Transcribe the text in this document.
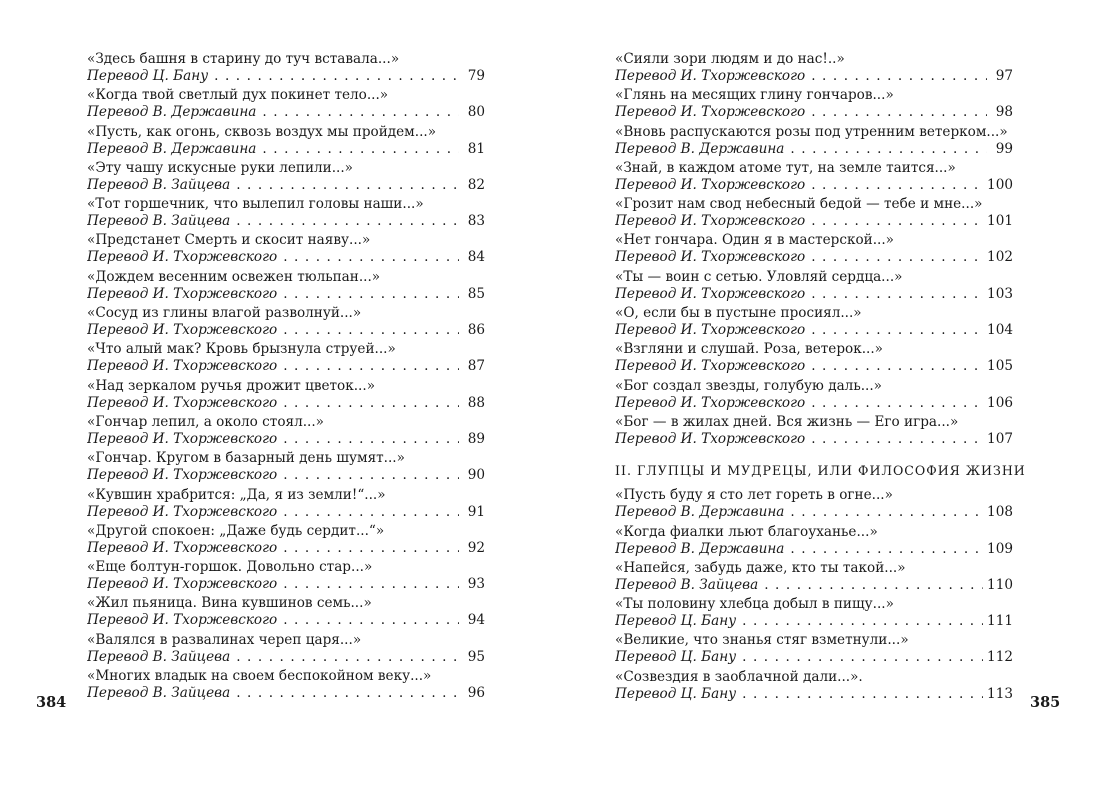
«Здесь башня в старину до туч вставала...»
Перевод Ц. Бану . . .	79
«Когда твой светлый дух покинет тело...»
Перевод В. Державина . . .	80
«Пусть, как огонь, сквозь воздух мы пройдем...»
Перевод В. Державина . . .	81
«Эту чашу искусные руки лепили...»
Перевод В. Зайцева . . .	82
«Тот горшечник, что вылепил головы наши...»
Перевод В. Зайцева . . .	83
«Предстанет Смерть и скосит наяву...»
Перевод И. Тхоржевского . . .	84
«Дождем весенним освежен тюльпан...»
Перевод И. Тхоржевского . . .	85
«Сосуд из глины влагой разволнуй...»
Перевод И. Тхоржевского . . .	86
«Что алый мак? Кровь брызнула струей...»
Перевод И. Тхоржевского . . .	87
«Над зеркалом ручья дрожит цветок...»
Перевод И. Тхоржевского . . .	88
«Гончар лепил, а около стоял...»
Перевод И. Тхоржевского . . .	89
«Гончар. Кругом в базарный день шумят...»
Перевод И. Тхоржевского . . .	90
«Кувшин храбрится: „Да, я из земли!“...»
Перевод И. Тхоржевского . . .	91
«Другой спокоен: „Даже будь сердит...“»
Перевод И. Тхоржевского . . .	92
«Еще болтун-горшок. Довольно стар...»
Перевод И. Тхоржевского . . .	93
«Жил пьяница. Вина кувшинов семь...»
Перевод И. Тхоржевского . . .	94
«Валялся в развалинах череп царя...»
Перевод В. Зайцева . . .	95
«Многих владык на своем беспокойном веку...»
Перевод В. Зайцева . . .	96
384
«Сияли зори людям и до нас!..»
Перевод И. Тхоржевского . . .	97
«Глянь на месящих глину гончаров...»
Перевод И. Тхоржевского . . .	98
«Вновь распускаются розы под утренним ветерком...»
Перевод В. Державина . . .	99
«Знай, в каждом атоме тут, на земле таится...»
Перевод И. Тхоржевского . . .	100
«Грозит нам свод небесный бедой — тебе и мне...»
Перевод И. Тхоржевского . . .	101
«Нет гончара. Один я в мастерской...»
Перевод И. Тхоржевского . . .	102
«Ты — воин с сетью. Уловляй сердца...»
Перевод И. Тхоржевского . . .	103
«О, если бы в пустыне просиял...»
Перевод И. Тхоржевского . . .	104
«Взгляни и слушай. Роза, ветерок...»
Перевод И. Тхоржевского . . .	105
«Бог создал звезды, голубую даль...»
Перевод И. Тхоржевского . . .	106
«Бог — в жилах дней. Вся жизнь — Его игра...»
Перевод И. Тхоржевского . . .	107
II. ГЛУПЦЫ И МУДРЕЦЫ, ИЛИ ФИЛОСОФИЯ ЖИЗНИ
«Пусть буду я сто лет гореть в огне...»
Перевод В. Державина . . .	108
«Когда фиалки льют благоуханье...»
Перевод В. Державина . . .	109
«Напейся, забудь даже, кто ты такой...»
Перевод В. Зайцева . . .	110
«Ты половину хлебца добыл в пищу...»
Перевод Ц. Бану . . .	111
«Великие, что знанья стяг взметнули...»
Перевод Ц. Бану . . .	112
«Созвездия в заоблачной дали...».
Перевод Ц. Бану . . .	113
385
